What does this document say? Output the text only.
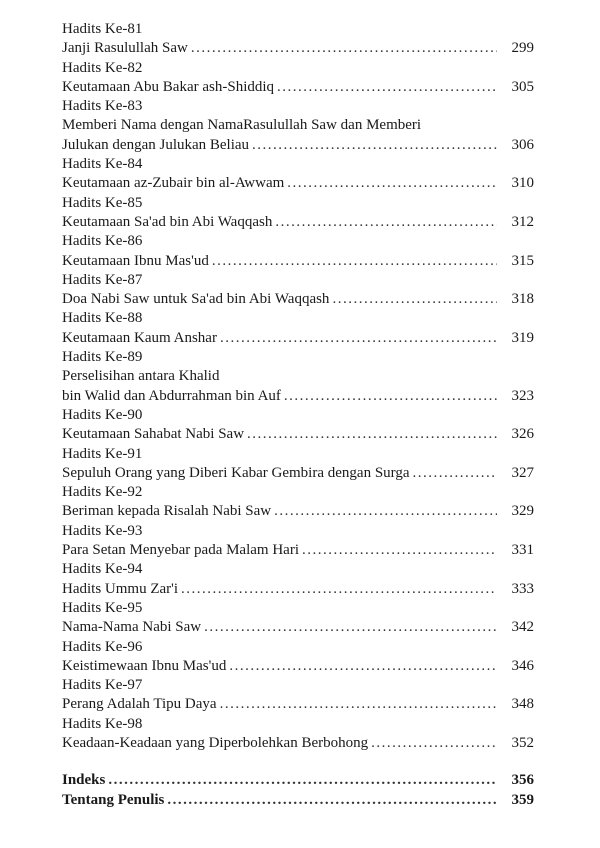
Hadits Ke-81
Janji Rasulullah Saw .....	299
Hadits Ke-82
Keutamaan Abu Bakar ash-Shiddiq .....	305
Hadits Ke-83
Memberi Nama dengan NamaRasulullah Saw dan Memberi
Julukan dengan Julukan Beliau .....	306
Hadits Ke-84
Keutamaan az-Zubair bin al-Awwam .....	310
Hadits Ke-85
Keutamaan Sa'ad bin Abi Waqqash .....	312
Hadits Ke-86
Keutamaan Ibnu Mas'ud .....	315
Hadits Ke-87
Doa Nabi Saw untuk Sa'ad bin Abi Waqqash .....	318
Hadits Ke-88
Keutamaan Kaum Anshar .....	319
Hadits Ke-89
Perselisihan antara Khalid
bin Walid dan Abdurrahman bin Auf .....	323
Hadits Ke-90
Keutamaan Sahabat Nabi Saw .....	326
Hadits Ke-91
Sepuluh Orang yang Diberi Kabar Gembira dengan Surga .....	327
Hadits Ke-92
Beriman kepada Risalah Nabi Saw .....	329
Hadits Ke-93
Para Setan Menyebar pada Malam Hari .....	331
Hadits Ke-94
Hadits Ummu Zar'i .....	333
Hadits Ke-95
Nama-Nama Nabi Saw .....	342
Hadits Ke-96
Keistimewaan Ibnu Mas'ud .....	346
Hadits Ke-97
Perang Adalah Tipu Daya .....	348
Hadits Ke-98
Keadaan-Keadaan yang Diperbolehkan Berbohong .....	352
Indeks .....	356
Tentang Penulis .....	359
